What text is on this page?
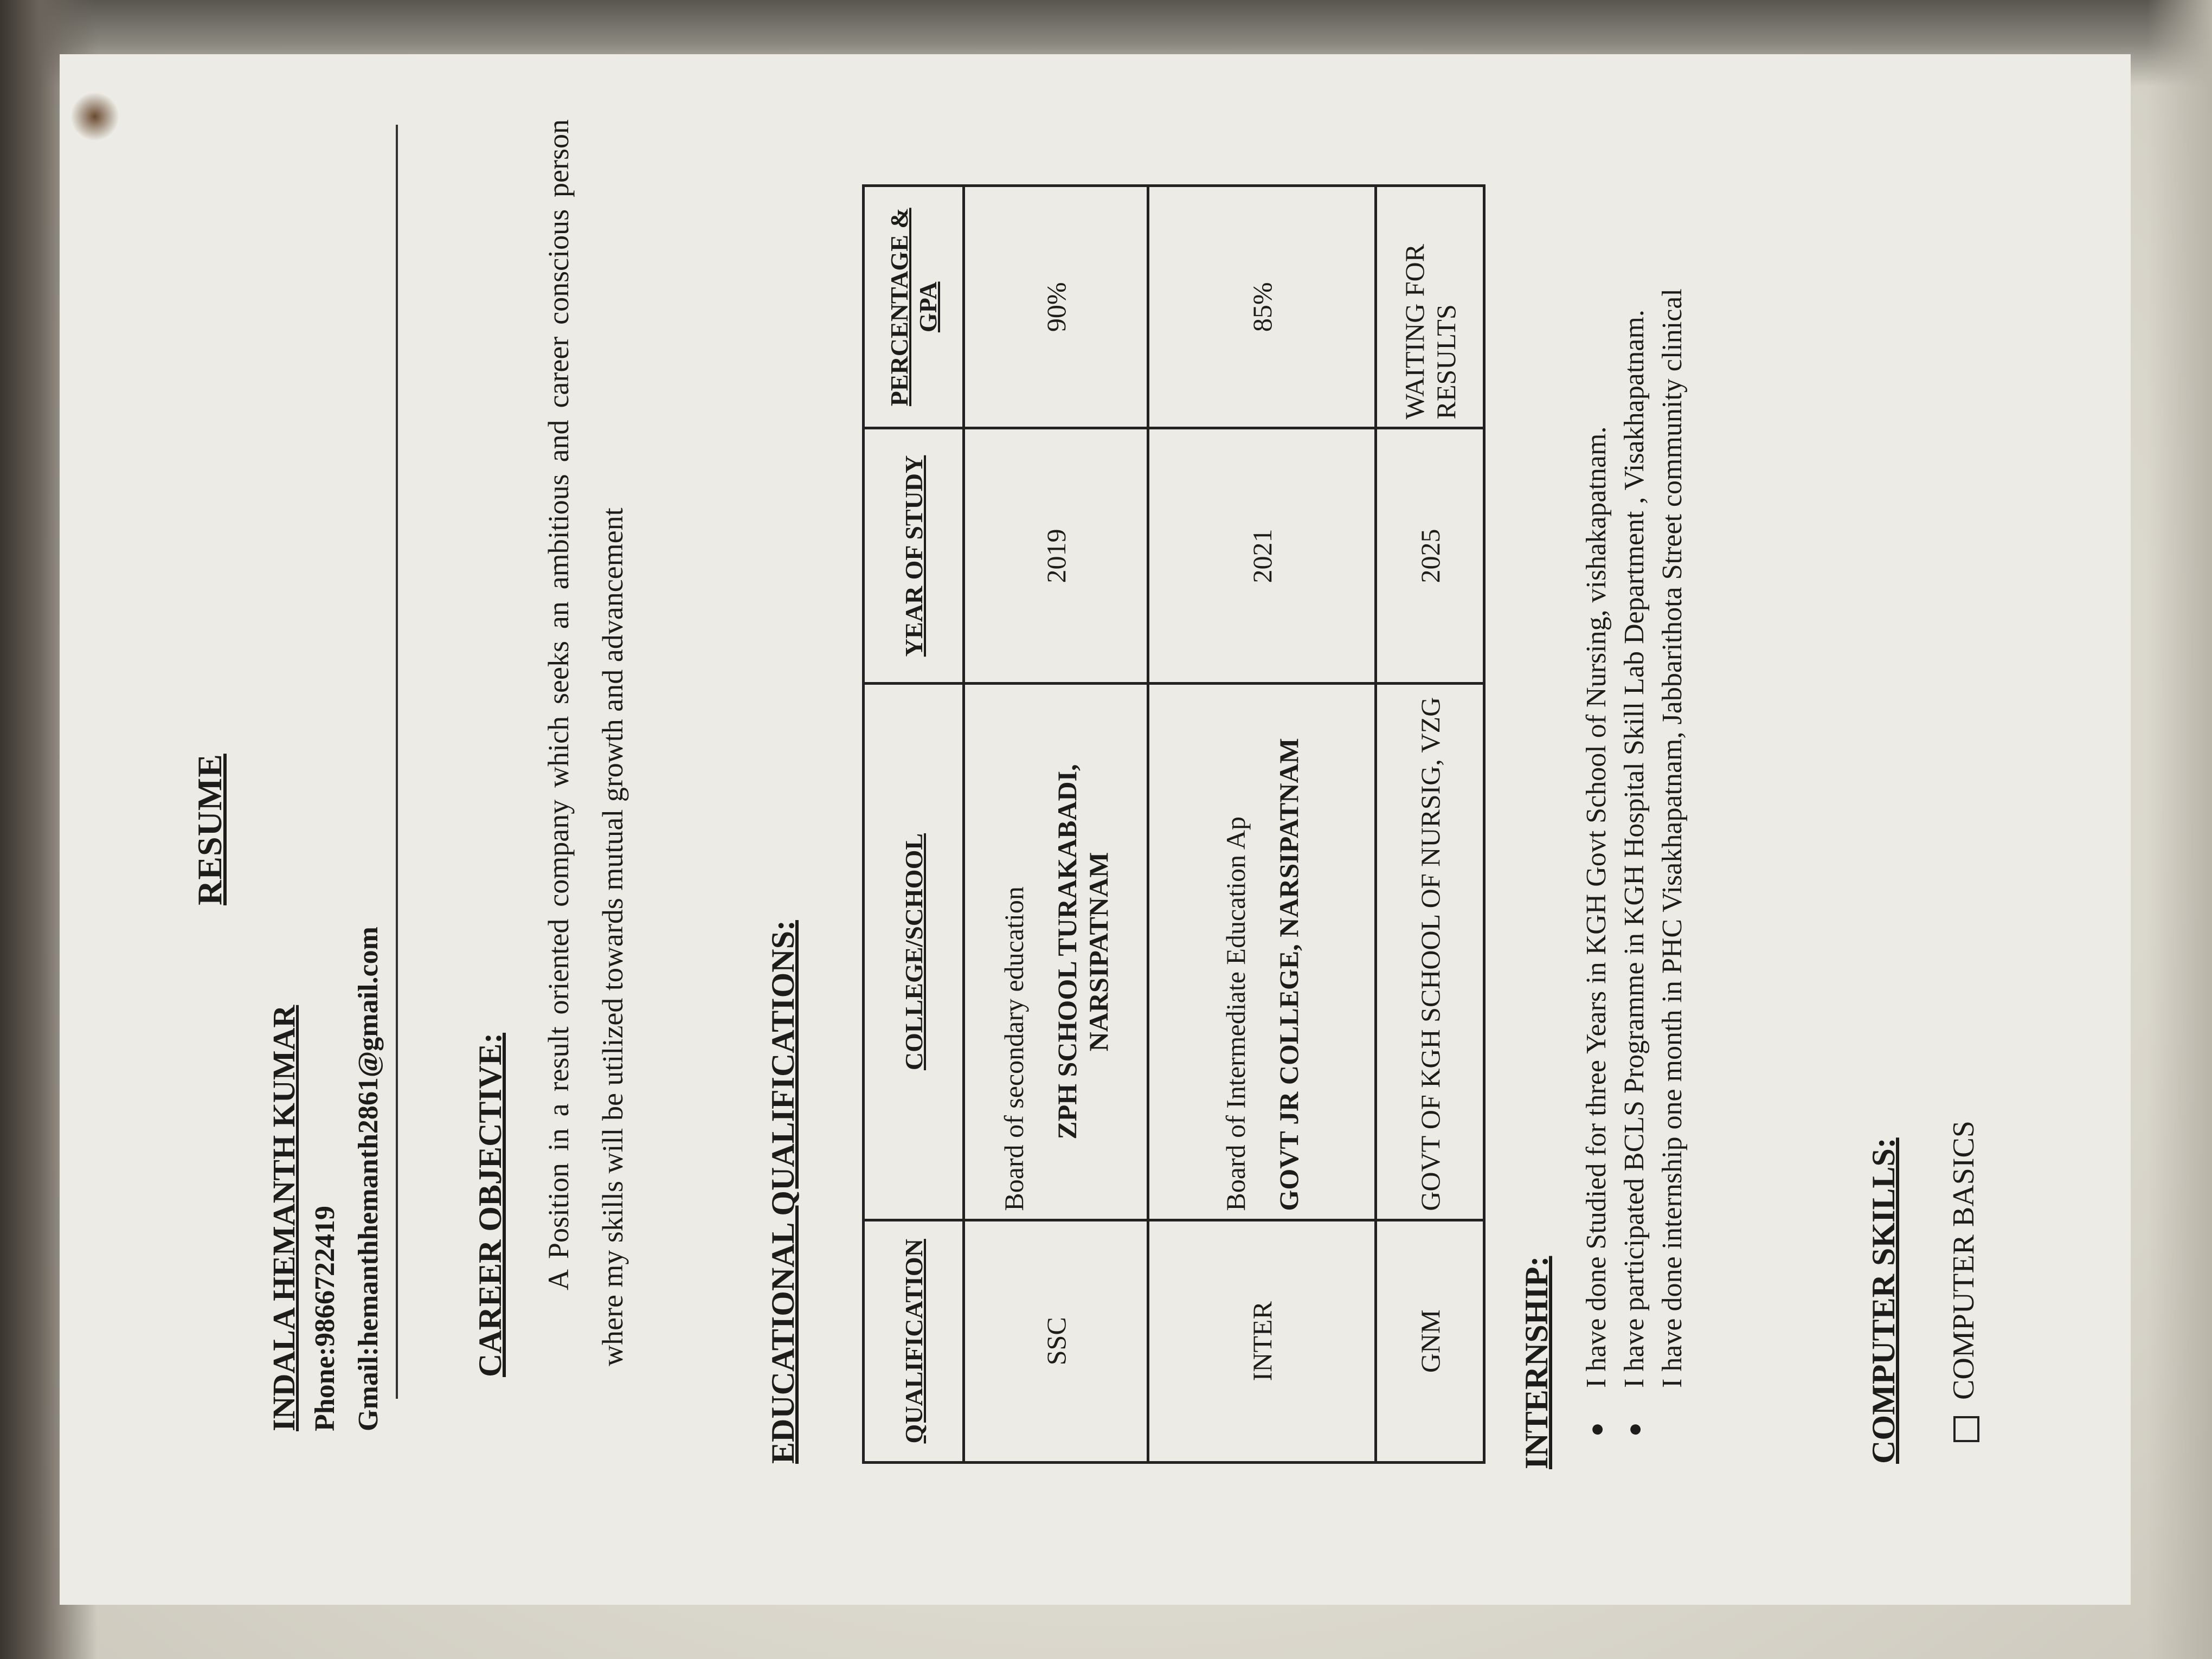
RESUME
INDALA HEMANTH KUMAR Phone:9866722419 Gmail:hemanthhemanth2861@gmail.com	CAREER OBJECTIVE:	A Position in a result oriented company which seeks an ambitious and career conscious person where my skills will be utilized towards mutual growth and advancement	EDUCATIONAL QUALIFICATIONS:	QUALIFICATION	COLLEGE/SCHOOL	YEAR OF STUDY	PERCENTAGE & GPA
SSC	Board of secondary education ZPH SCHOOL TURAKABADI, NARSIPATNAM	2019	90%
INTER	Board of Intermediate Education Ap GOVT JR COLLEGE, NARSIPATNAM	2021	85%
GNM	GOVT OF KGH SCHOOL OF NURSIG, VZG	2025	WAITING FOR RESULTS
INTERNSHIP: ●
I have done Studied for three Years in KGH Govt School of Nursing, vishakapatnam.
●
I have participated BCLS Programme in KGH Hospital Skill Lab Department , Visakhapatnam. I have done internship one month in PHC Visakhapatnam, Jabbarithota Street community clinical	COMPUTER SKILLS: COMPUTER BASICS
